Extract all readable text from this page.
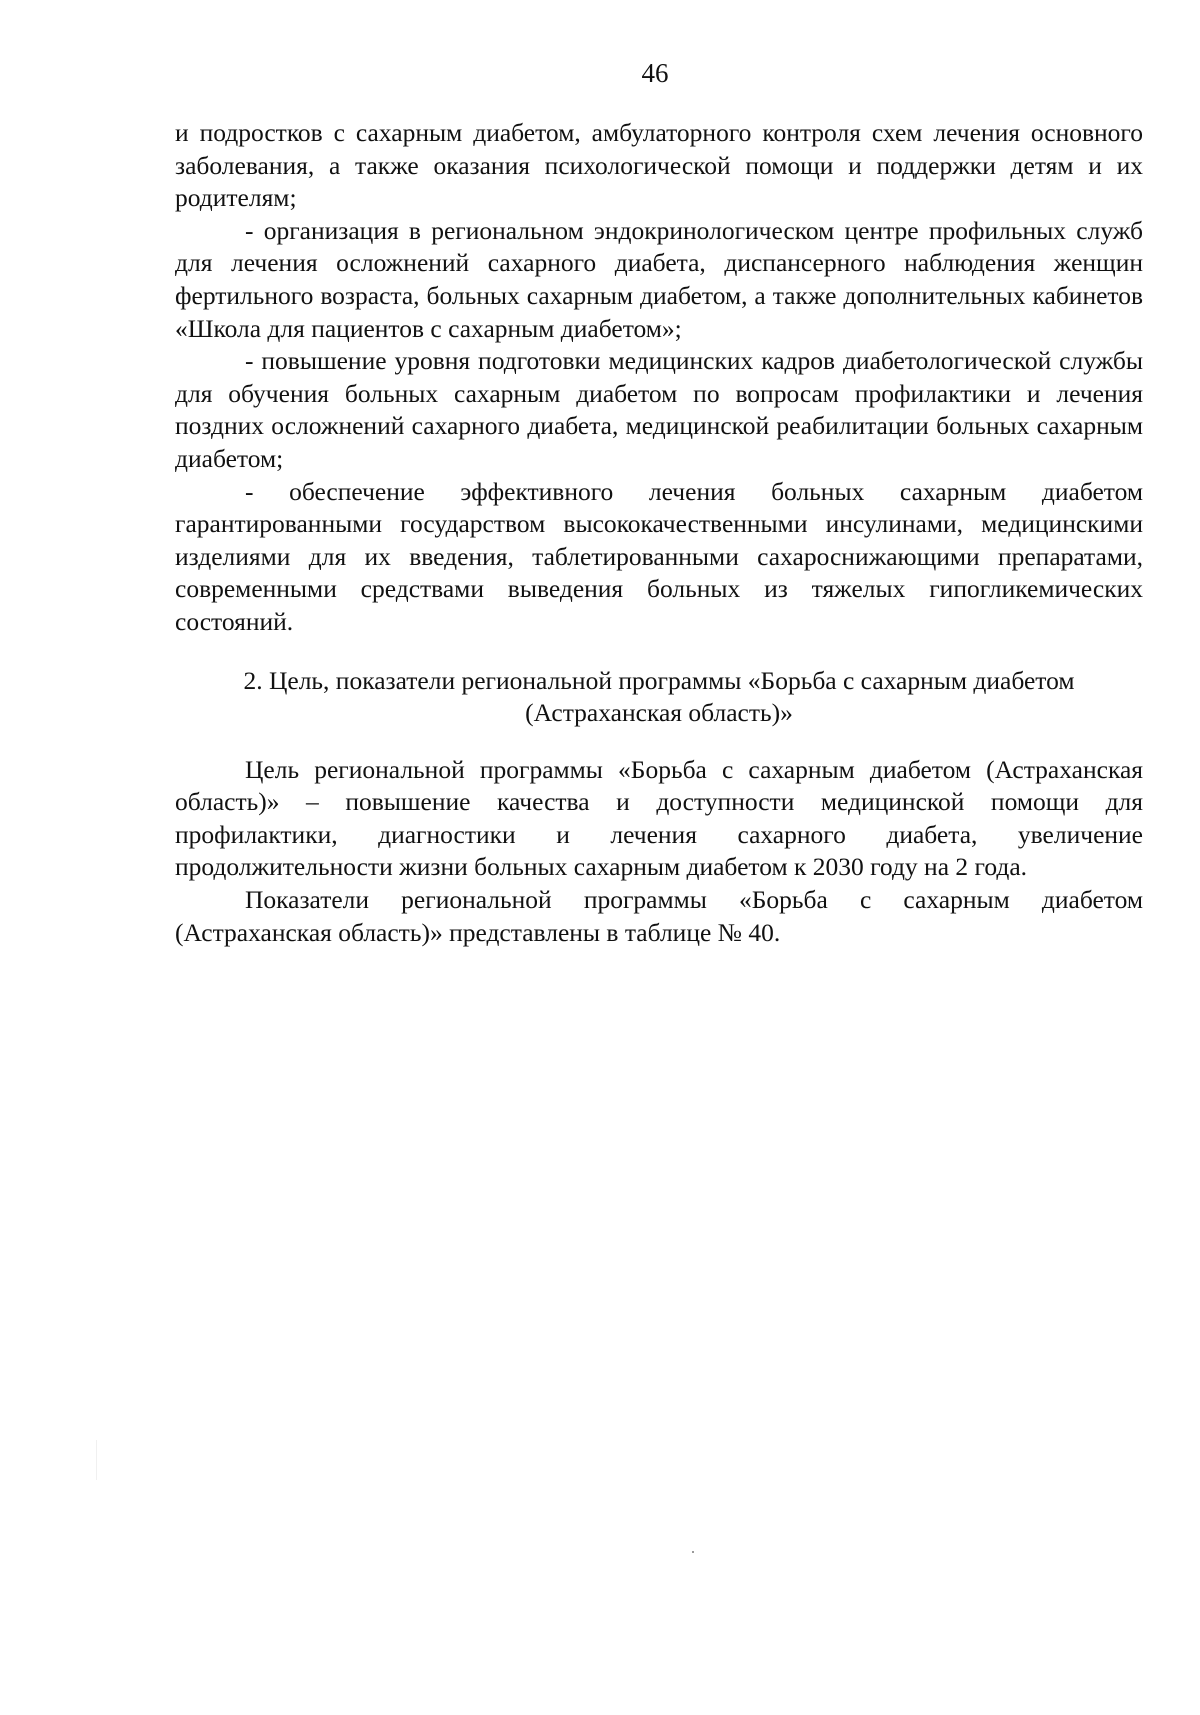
46

и подростков с сахарным диабетом, амбулаторного контроля схем лечения основного заболевания, а также оказания психологической помощи и поддержки детям и их родителям;

- организация в региональном эндокринологическом центре профильных служб для лечения осложнений сахарного диабета, диспансерного наблюдения женщин фертильного возраста, больных сахарным диабетом, а также дополнительных кабинетов «Школа для пациентов с сахарным диабетом»;

- повышение уровня подготовки медицинских кадров диабетологической службы для обучения больных сахарным диабетом по вопросам профилактики и лечения поздних осложнений сахарного диабета, медицинской реабилитации больных сахарным диабетом;

- обеспечение эффективного лечения больных сахарным диабетом гарантированными государством высококачественными инсулинами, медицинскими изделиями для их введения, таблетированными сахароснижающими препаратами, современными средствами выведения больных из тяжелых гипогликемических состояний.

2. Цель, показатели региональной программы «Борьба с сахарным диабетом
(Астраханская область)»

Цель региональной программы «Борьба с сахарным диабетом (Астраханская область)» – повышение качества и доступности медицинской помощи для профилактики, диагностики и лечения сахарного диабета, увеличение продолжительности жизни больных сахарным диабетом к 2030 году на 2 года.

Показатели региональной программы «Борьба с сахарным диабетом (Астраханская область)» представлены в таблице № 40.
